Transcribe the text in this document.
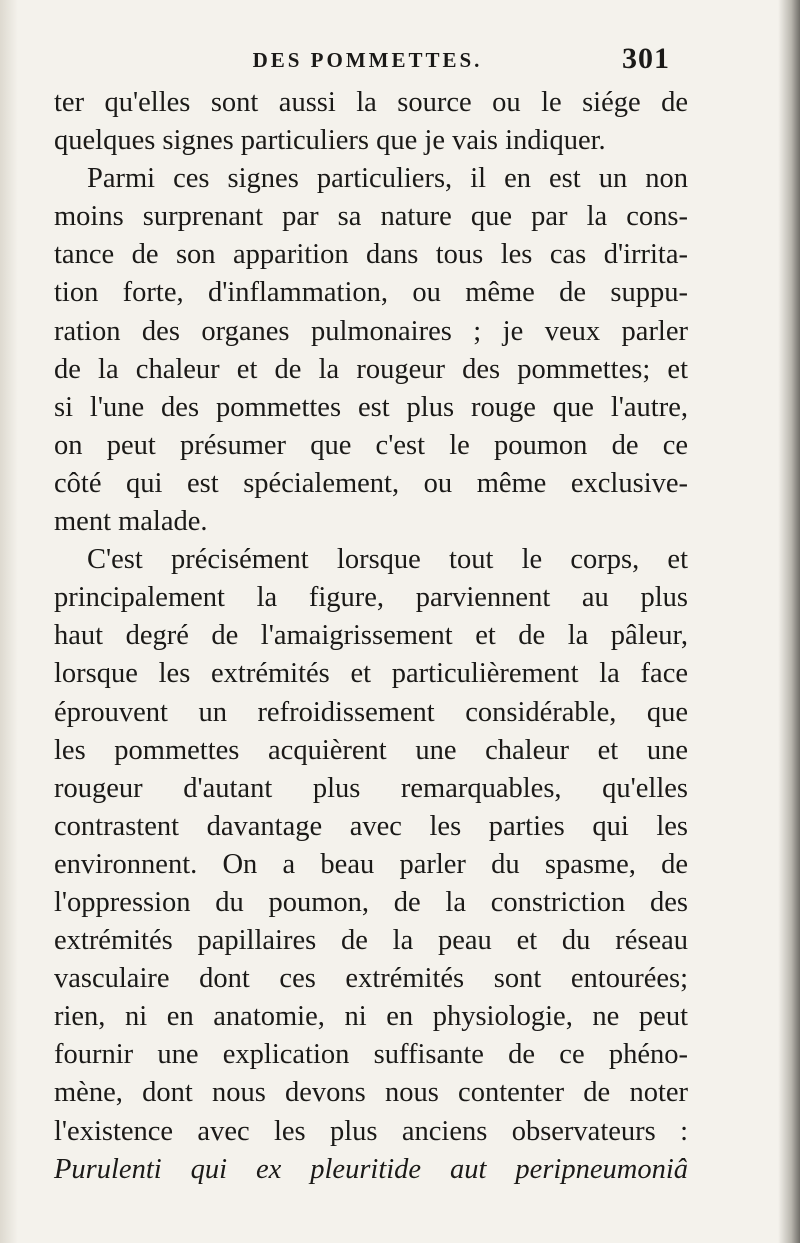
DES POMMETTES.	301
ter qu'elles sont aussi la source ou le siége de
quelques signes particuliers que je vais indiquer.
Parmi ces signes particuliers, il en est un non
moins surprenant par sa nature que par la cons-
tance de son apparition dans tous les cas d'irrita-
tion forte, d'inflammation, ou même de suppu-
ration des organes pulmonaires ; je veux parler
de la chaleur et de la rougeur des pommettes; et
si l'une des pommettes est plus rouge que l'autre,
on peut présumer que c'est le poumon de ce
côté qui est spécialement, ou même exclusive-
ment malade.
C'est précisément lorsque tout le corps, et
principalement la figure, parviennent au plus
haut degré de l'amaigrissement et de la pâleur,
lorsque les extrémités et particulièrement la face
éprouvent un refroidissement considérable, que
les pommettes acquièrent une chaleur et une
rougeur d'autant plus remarquables, qu'elles
contrastent davantage avec les parties qui les
environnent. On a beau parler du spasme, de
l'oppression du poumon, de la constriction des
extrémités papillaires de la peau et du réseau
vasculaire dont ces extrémités sont entourées;
rien, ni en anatomie, ni en physiologie, ne peut
fournir une explication suffisante de ce phéno-
mène, dont nous devons nous contenter de noter
l'existence avec les plus anciens observateurs :
Purulenti qui ex pleuritide aut peripneumoniâ
